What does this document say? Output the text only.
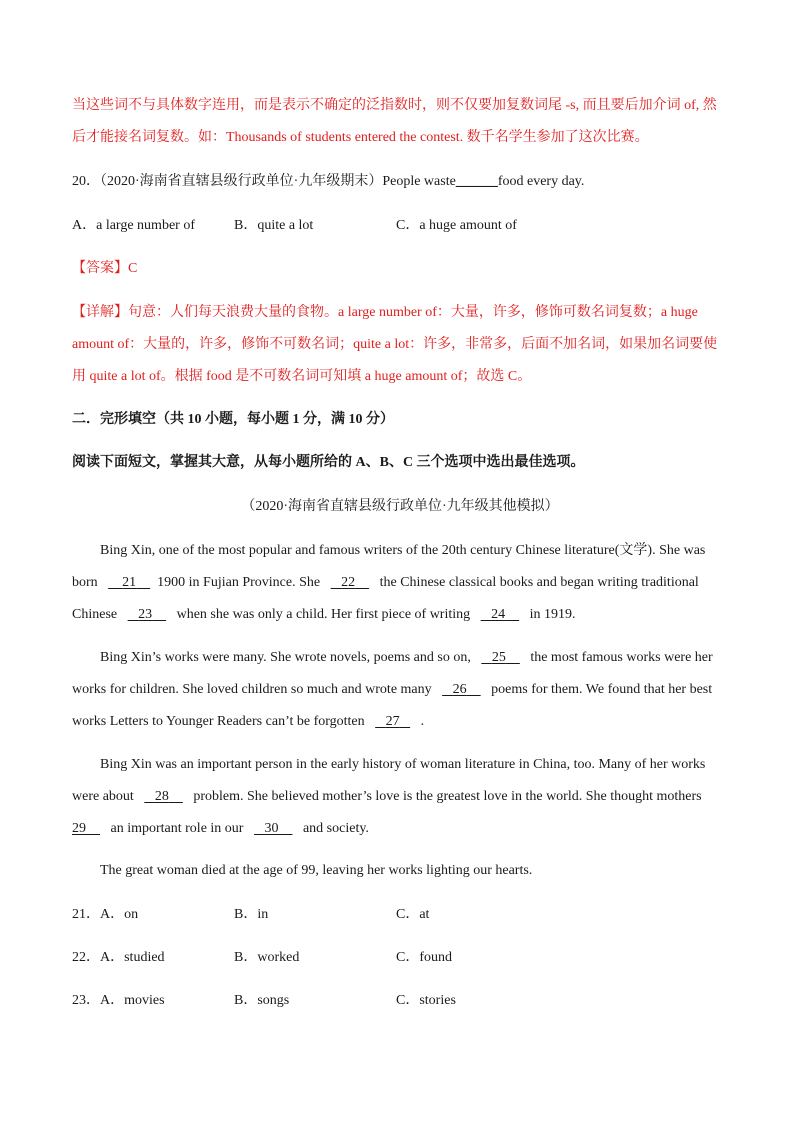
当这些词不与具体数字连用，而是表示不确定的泛指数时，则不仅要加复数词尾 -s, 而且要后加介词 of, 然
后才能接名词复数。如：Thousands of students entered the contest. 数千名学生参加了这次比赛。
20．（2020·海南省直辖县级行政单位·九年级期末）People waste______food every day.
A．a large number of	B．quite a lot	C．a huge amount of
【答案】C
【详解】句意：人们每天浪费大量的食物。a large number of：大量，许多，修饰可数名词复数；a huge
amount of：大量的，许多，修饰不可数名词；quite a lot：许多，非常多，后面不加名词，如果加名词要使
用 quite a lot of。根据 food 是不可数名词可知填 a huge amount of；故选 C。
二．完形填空（共 10 小题，每小题 1 分，满 10 分）
阅读下面短文，掌握其大意，从每小题所给的 A、B、C 三个选项中选出最佳选项。
（2020·海南省直辖县级行政单位·九年级其他模拟）
Bing Xin, one of the most popular and famous writers of the 20th century Chinese literature(文学). She was
born 21 1900 in Fujian Province. She 22 the Chinese classical books and began writing traditional
Chinese 23 when she was only a child. Her first piece of writing 24 in 1919.
Bing Xin’s works were many. She wrote novels, poems and so on, 25 the most famous works were her
works for children. She loved children so much and wrote many 26 poems for them. We found that her best
works Letters to Younger Readers can’t be forgotten 27 .
Bing Xin was an important person in the early history of woman literature in China, too. Many of her works
were about 28 problem. She believed mother’s love is the greatest love in the world. She thought mothers
29 an important role in our 30 and society.
The great woman died at the age of 99, leaving her works lighting our hearts.
21．A．on	B．in	C．at
22．A．studied	B．worked	C．found
23．A．movies	B．songs	C．stories
